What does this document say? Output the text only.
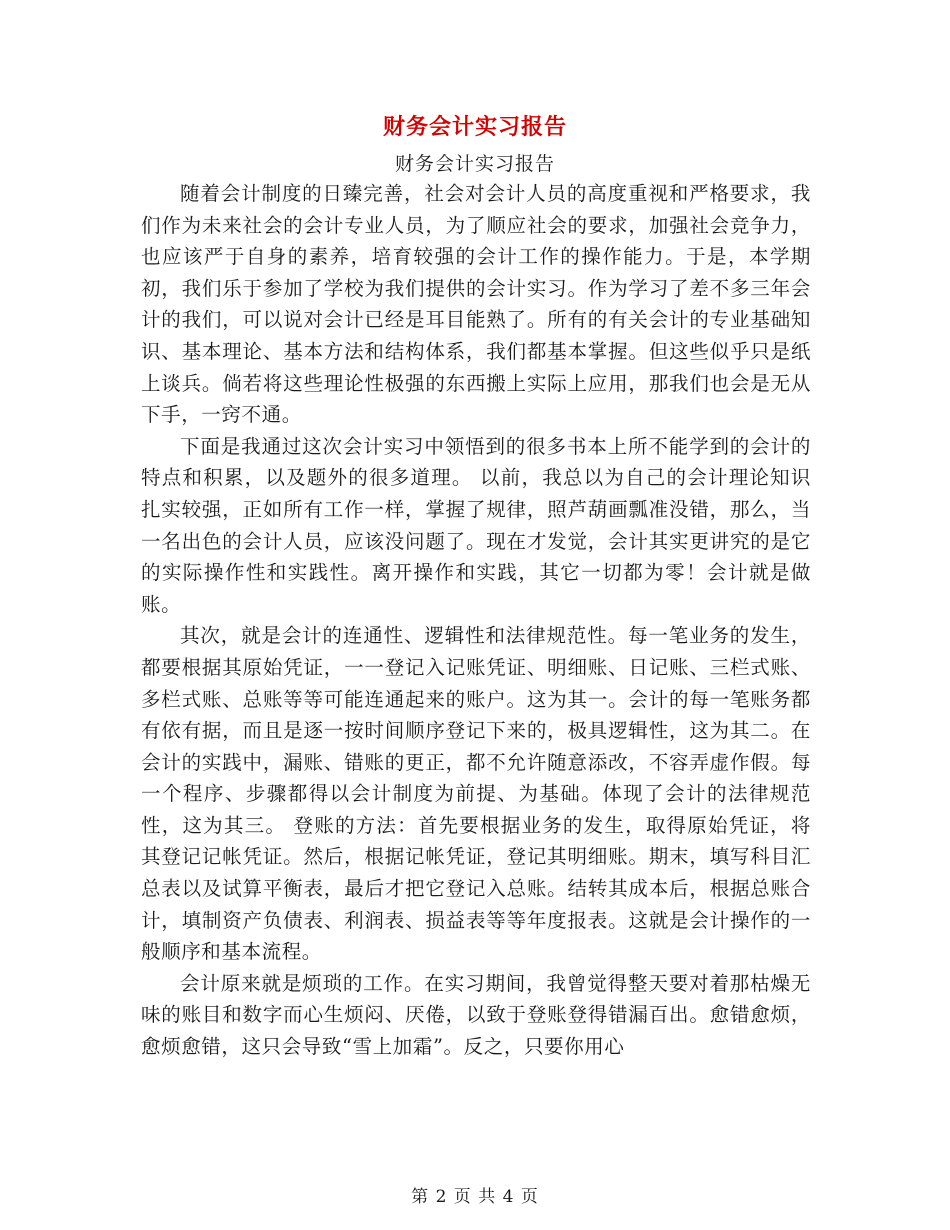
财务会计实习报告
财务会计实习报告

随着会计制度的日臻完善，社会对会计人员的高度重视和严格要求，我们作为未来社会的会计专业人员，为了顺应社会的要求，加强社会竞争力，也应该严于自身的素养，培育较强的会计工作的操作能力。于是，本学期初，我们乐于参加了学校为我们提供的会计实习。作为学习了差不多三年会计的我们，可以说对会计已经是耳目能熟了。所有的有关会计的专业基础知识、基本理论、基本方法和结构体系，我们都基本掌握。但这些似乎只是纸上谈兵。倘若将这些理论性极强的东西搬上实际上应用，那我们也会是无从下手，一窍不通。

下面是我通过这次会计实习中领悟到的很多书本上所不能学到的会计的特点和积累，以及题外的很多道理。 以前，我总以为自己的会计理论知识扎实较强，正如所有工作一样，掌握了规律，照芦葫画瓢准没错，那么，当一名出色的会计人员，应该没问题了。现在才发觉，会计其实更讲究的是它的实际操作性和实践性。离开操作和实践，其它一切都为零！会计就是做账。

其次，就是会计的连通性、逻辑性和法律规范性。每一笔业务的发生，都要根据其原始凭证，一一登记入记账凭证、明细账、日记账、三栏式账、多栏式账、总账等等可能连通起来的账户。这为其一。会计的每一笔账务都有依有据，而且是逐一按时间顺序登记下来的，极具逻辑性，这为其二。在会计的实践中，漏账、错账的更正，都不允许随意添改，不容弄虚作假。每一个程序、步骤都得以会计制度为前提、为基础。体现了会计的法律规范性，这为其三。 登账的方法：首先要根据业务的发生，取得原始凭证，将其登记记帐凭证。然后，根据记帐凭证，登记其明细账。期末，填写科目汇总表以及试算平衡表，最后才把它登记入总账。结转其成本后，根据总账合计，填制资产负债表、利润表、损益表等等年度报表。这就是会计操作的一般顺序和基本流程。

会计原来就是烦琐的工作。在实习期间，我曾觉得整天要对着那枯燥无味的账目和数字而心生烦闷、厌倦，以致于登账登得错漏百出。愈错愈烦，愈烦愈错，这只会导致“雪上加霜”。反之，只要你用心

第 2 页 共 4 页
